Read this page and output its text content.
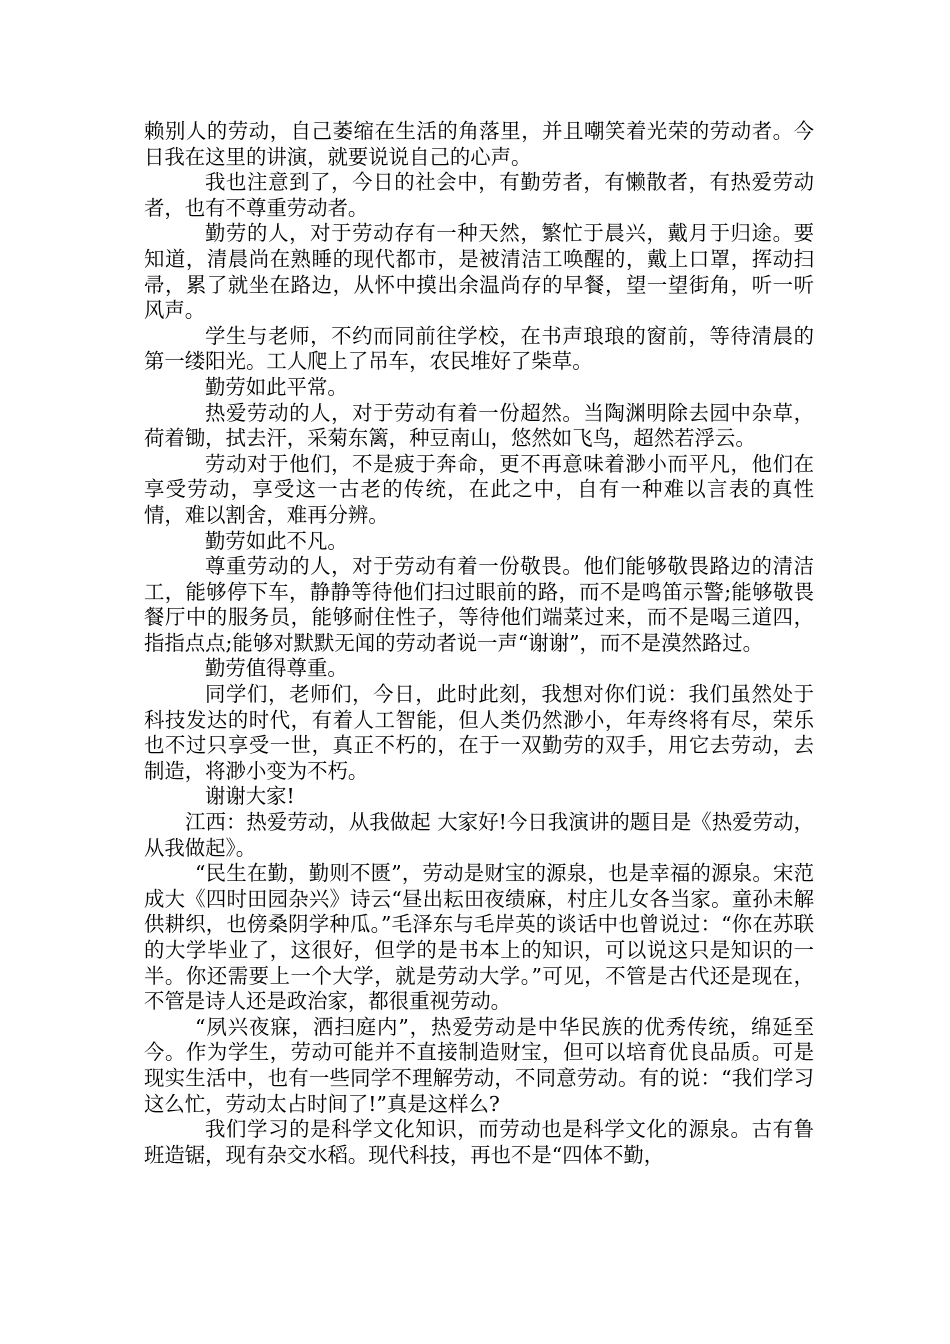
赖别人的劳动，自己萎缩在生活的角落里，并且嘲笑着光荣的劳动者。今日我在这里的讲演，就要说说自己的心声。

我也注意到了，今日的社会中，有勤劳者，有懒散者，有热爱劳动者，也有不尊重劳动者。

勤劳的人，对于劳动存有一种天然，繁忙于晨兴，戴月于归途。要知道，清晨尚在熟睡的现代都市，是被清洁工唤醒的，戴上口罩，挥动扫帚，累了就坐在路边，从怀中摸出余温尚存的早餐，望一望街角，听一听风声。

学生与老师，不约而同前往学校，在书声琅琅的窗前，等待清晨的第一缕阳光。工人爬上了吊车，农民堆好了柴草。

勤劳如此平常。

热爱劳动的人，对于劳动有着一份超然。当陶渊明除去园中杂草，荷着锄，拭去汗，采菊东篱，种豆南山，悠然如飞鸟，超然若浮云。

劳动对于他们，不是疲于奔命，更不再意味着渺小而平凡，他们在享受劳动，享受这一古老的传统，在此之中，自有一种难以言表的真性情，难以割舍，难再分辨。

勤劳如此不凡。

尊重劳动的人，对于劳动有着一份敬畏。他们能够敬畏路边的清洁工，能够停下车，静静等待他们扫过眼前的路，而不是鸣笛示警;能够敬畏餐厅中的服务员，能够耐住性子，等待他们端菜过来，而不是喝三道四，指指点点;能够对默默无闻的劳动者说一声“谢谢”，而不是漠然路过。

勤劳值得尊重。

同学们，老师们，今日，此时此刻，我想对你们说：我们虽然处于科技发达的时代，有着人工智能，但人类仍然渺小，年寿终将有尽，荣乐也不过只享受一世，真正不朽的，在于一双勤劳的双手，用它去劳动，去制造，将渺小变为不朽。

谢谢大家!

江西：热爱劳动，从我做起 大家好!今日我演讲的题目是《热爱劳动，从我做起》。

“民生在勤，勤则不匮”，劳动是财宝的源泉，也是幸福的源泉。宋范成大《四时田园杂兴》诗云“昼出耘田夜绩麻，村庄儿女各当家。童孙未解供耕织，也傍桑阴学种瓜。”毛泽东与毛岸英的谈话中也曾说过：“你在苏联的大学毕业了，这很好，但学的是书本上的知识，可以说这只是知识的一半。你还需要上一个大学，就是劳动大学。”可见，不管是古代还是现在，不管是诗人还是政治家，都很重视劳动。

“夙兴夜寐，洒扫庭内”，热爱劳动是中华民族的优秀传统，绵延至今。作为学生，劳动可能并不直接制造财宝，但可以培育优良品质。可是现实生活中，也有一些同学不理解劳动，不同意劳动。有的说：“我们学习这么忙，劳动太占时间了!”真是这样么?

我们学习的是科学文化知识，而劳动也是科学文化的源泉。古有鲁班造锯，现有杂交水稻。现代科技，再也不是“四体不勤，
